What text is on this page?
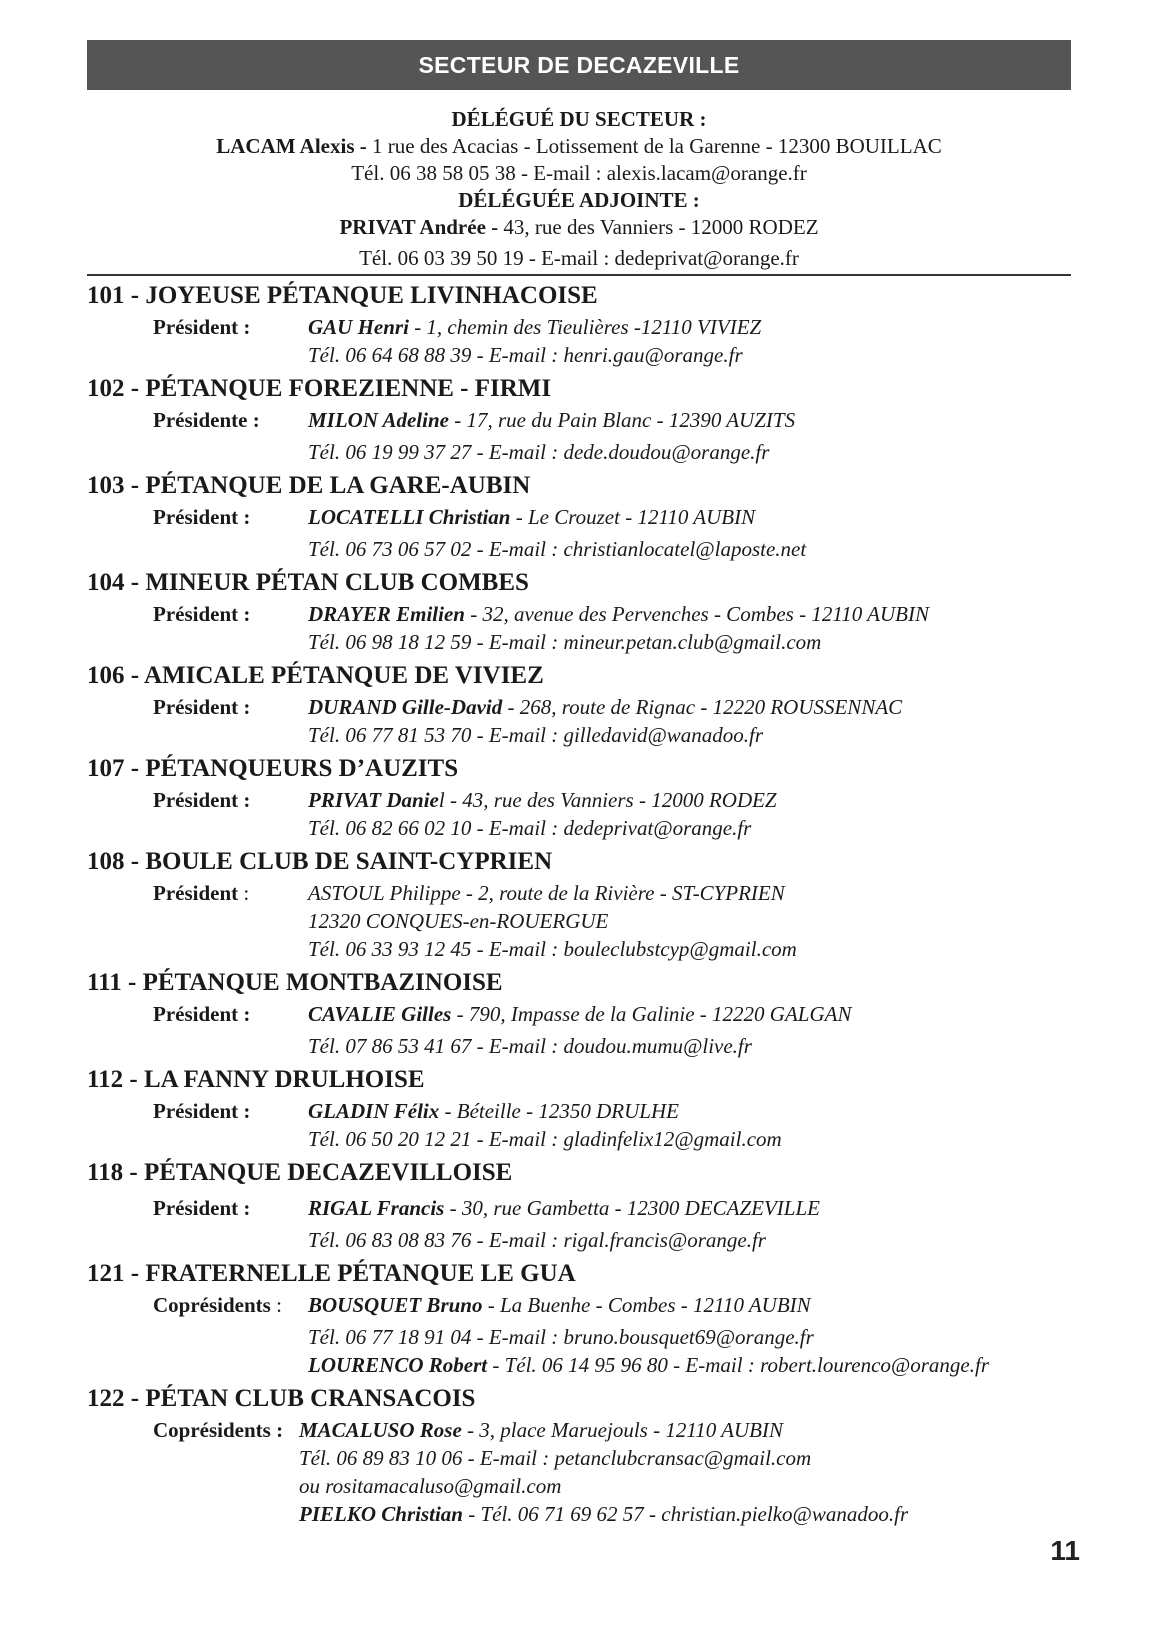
SECTEUR DE DECAZEVILLE
DÉLÉGUÉ DU SECTEUR :
LACAM Alexis - 1 rue des Acacias - Lotissement de la Garenne - 12300 BOUILLAC
Tél. 06 38 58 05 38 - E-mail : alexis.lacam@orange.fr
DÉLÉGUÉE ADJOINTE :
PRIVAT Andrée - 43, rue des Vanniers - 12000 RODEZ
Tél. 06 03 39 50 19 - E-mail : dedeprivat@orange.fr
101 - JOYEUSE PÉTANQUE LIVINHACOISE
Président :	GAU Henri - 1, chemin des Tieulières -12110 VIVIEZ
Tél. 06 64 68 88 39 - E-mail : henri.gau@orange.fr
102 - PÉTANQUE FOREZIENNE - FIRMI
Présidente :	MILON Adeline - 17, rue du Pain Blanc - 12390 AUZITS
Tél. 06 19 99 37 27 - E-mail : dede.doudou@orange.fr
103 - PÉTANQUE DE LA GARE-AUBIN
Président :	LOCATELLI Christian - Le Crouzet - 12110 AUBIN
Tél. 06 73 06 57 02 - E-mail : christianlocatel@laposte.net
104 - MINEUR PÉTAN CLUB COMBES
Président :	DRAYER Emilien - 32, avenue des Pervenches - Combes - 12110 AUBIN
Tél. 06 98 18 12 59 - E-mail : mineur.petan.club@gmail.com
106 - AMICALE PÉTANQUE DE VIVIEZ
Président :	DURAND Gille-David - 268, route de Rignac - 12220 ROUSSENNAC
Tél. 06 77 81 53 70 - E-mail : gilledavid@wanadoo.fr
107 - PÉTANQUEURS D’AUZITS
Président :	PRIVAT Daniel - 43, rue des Vanniers - 12000 RODEZ
Tél. 06 82 66 02 10 - E-mail : dedeprivat@orange.fr
108 - BOULE CLUB DE SAINT-CYPRIEN
Président :	ASTOUL Philippe - 2, route de la Rivière - ST-CYPRIEN
12320 CONQUES-en-ROUERGUE
Tél. 06 33 93 12 45 - E-mail : bouleclubstcyp@gmail.com
111 - PÉTANQUE MONTBAZINOISE
Président :	CAVALIE Gilles - 790, Impasse de la Galinie - 12220 GALGAN
Tél. 07 86 53 41 67 - E-mail : doudou.mumu@live.fr
112 - LA FANNY DRULHOISE
Président :	GLADIN Félix - Béteille - 12350 DRULHE
Tél. 06 50 20 12 21 - E-mail : gladinfelix12@gmail.com
118 - PÉTANQUE DECAZEVILLOISE
Président :	RIGAL Francis - 30, rue Gambetta - 12300 DECAZEVILLE
Tél. 06 83 08 83 76 - E-mail : rigal.francis@orange.fr
121 - FRATERNELLE PÉTANQUE LE GUA
Coprésidents :	BOUSQUET Bruno - La Buenhe - Combes - 12110 AUBIN
Tél. 06 77 18 91 04 - E-mail : bruno.bousquet69@orange.fr
LOURENCO Robert - Tél. 06 14 95 96 80 - E-mail : robert.lourenco@orange.fr
122 - PÉTAN CLUB CRANSACOIS
Coprésidents : MACALUSO Rose - 3, place Maruejouls - 12110 AUBIN
Tél. 06 89 83 10 06 - E-mail : petanclubcransac@gmail.com
ou rositamacaluso@gmail.com
PIELKO Christian - Tél. 06 71 69 62 57 - christian.pielko@wanadoo.fr
11
